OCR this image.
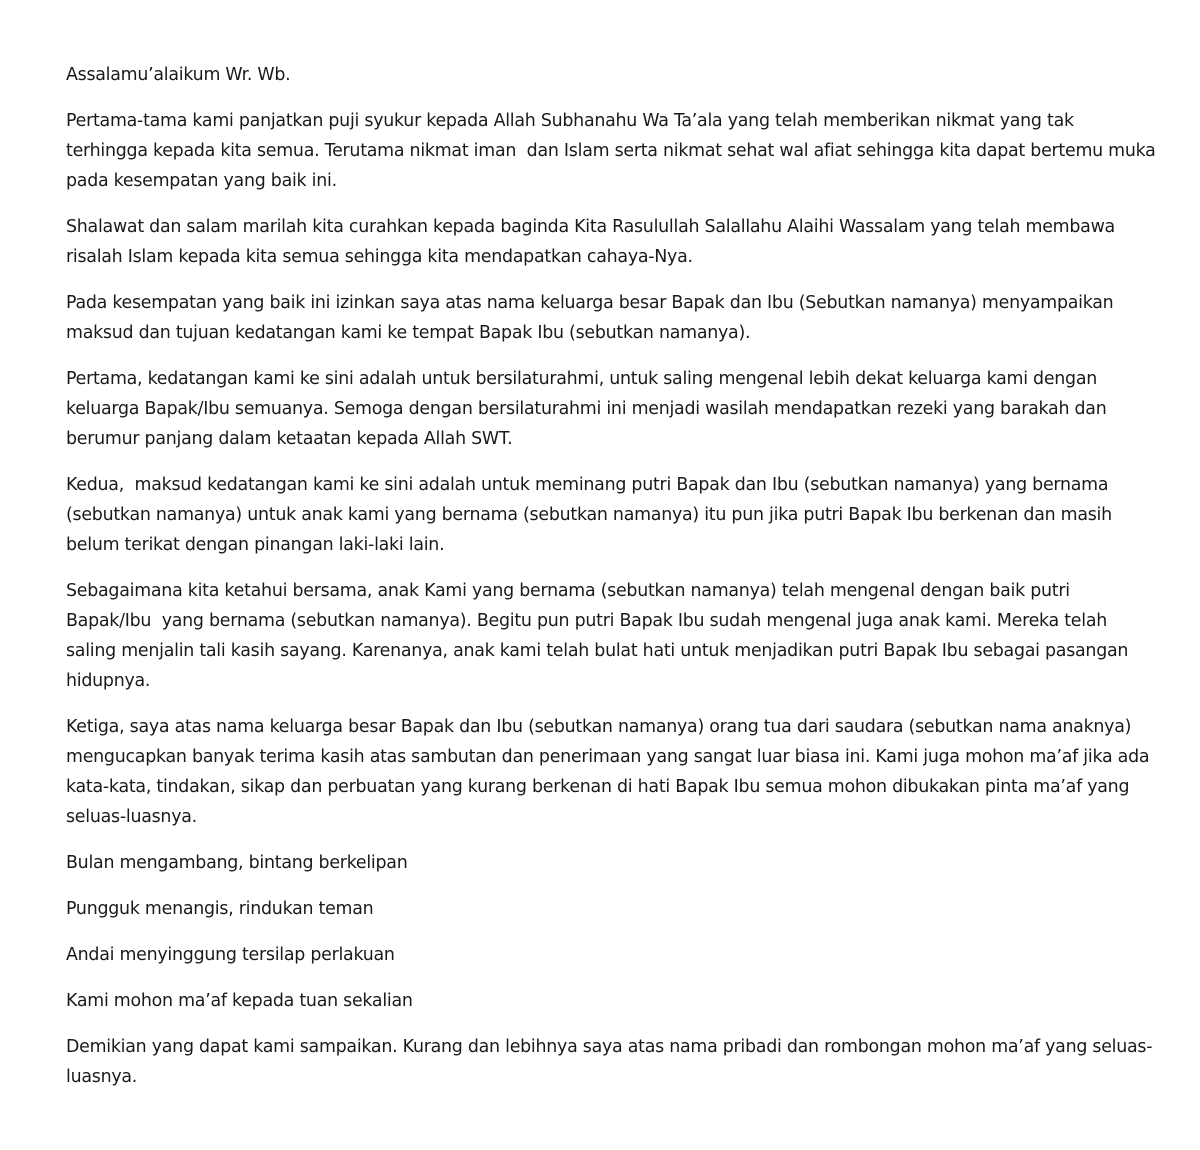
Assalamu’alaikum Wr. Wb.

Pertama-tama kami panjatkan puji syukur kepada Allah Subhanahu Wa Ta’ala yang telah memberikan nikmat yang tak terhingga kepada kita semua. Terutama nikmat iman  dan Islam serta nikmat sehat wal afiat sehingga kita dapat bertemu muka pada kesempatan yang baik ini.

Shalawat dan salam marilah kita curahkan kepada baginda Kita Rasulullah Salallahu Alaihi Wassalam yang telah membawa risalah Islam kepada kita semua sehingga kita mendapatkan cahaya-Nya.

Pada kesempatan yang baik ini izinkan saya atas nama keluarga besar Bapak dan Ibu (Sebutkan namanya) menyampaikan maksud dan tujuan kedatangan kami ke tempat Bapak Ibu (sebutkan namanya).

Pertama, kedatangan kami ke sini adalah untuk bersilaturahmi, untuk saling mengenal lebih dekat keluarga kami dengan keluarga Bapak/Ibu semuanya. Semoga dengan bersilaturahmi ini menjadi wasilah mendapatkan rezeki yang barakah dan berumur panjang dalam ketaatan kepada Allah SWT.

Kedua,  maksud kedatangan kami ke sini adalah untuk meminang putri Bapak dan Ibu (sebutkan namanya) yang bernama (sebutkan namanya) untuk anak kami yang bernama (sebutkan namanya) itu pun jika putri Bapak Ibu berkenan dan masih belum terikat dengan pinangan laki-laki lain.

Sebagaimana kita ketahui bersama, anak Kami yang bernama (sebutkan namanya) telah mengenal dengan baik putri Bapak/Ibu  yang bernama (sebutkan namanya). Begitu pun putri Bapak Ibu sudah mengenal juga anak kami. Mereka telah saling menjalin tali kasih sayang. Karenanya, anak kami telah bulat hati untuk menjadikan putri Bapak Ibu sebagai pasangan hidupnya.

Ketiga, saya atas nama keluarga besar Bapak dan Ibu (sebutkan namanya) orang tua dari saudara (sebutkan nama anaknya) mengucapkan banyak terima kasih atas sambutan dan penerimaan yang sangat luar biasa ini. Kami juga mohon ma’af jika ada kata-kata, tindakan, sikap dan perbuatan yang kurang berkenan di hati Bapak Ibu semua mohon dibukakan pinta ma’af yang seluas-luasnya.

Bulan mengambang, bintang berkelipan

Pungguk menangis, rindukan teman

Andai menyinggung tersilap perlakuan

Kami mohon ma’af kepada tuan sekalian

Demikian yang dapat kami sampaikan. Kurang dan lebihnya saya atas nama pribadi dan rombongan mohon ma’af yang seluas-luasnya.
